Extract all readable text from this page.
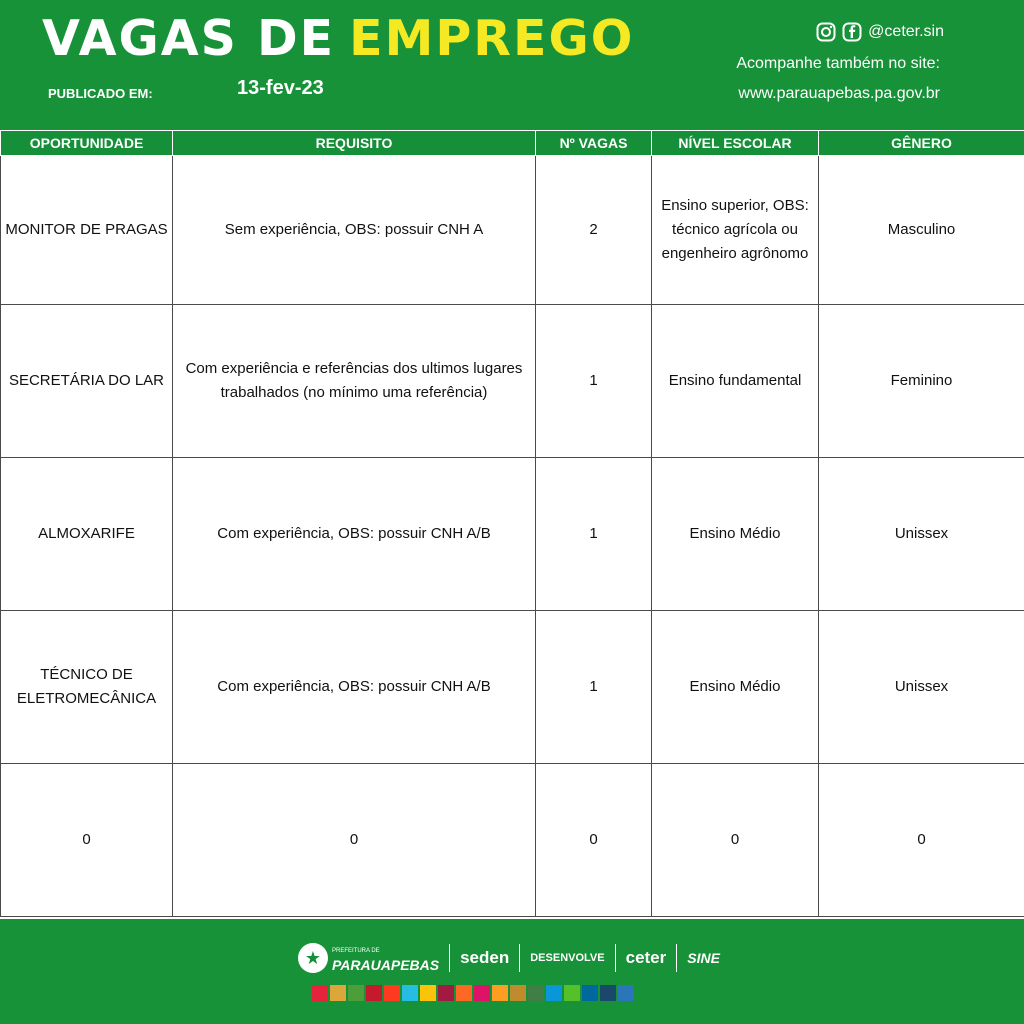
VAGAS DE EMPREGO
PUBLICADO EM:	13-fev-23
@ceter.sin
Acompanhe também no site:
www.parauapebas.pa.gov.br
OPORTUNIDADE	REQUISITO	Nº VAGAS	NÍVEL ESCOLAR	GÊNERO
MONITOR DE PRAGAS	Sem experiência, OBS: possuir CNH A	2	Ensino superior, OBS: técnico agrícola ou engenheiro agrônomo	Masculino
SECRETÁRIA DO LAR	Com experiência e referências dos ultimos lugares trabalhados (no mínimo uma referência)	1	Ensino fundamental	Feminino
ALMOXARIFE	Com experiência, OBS: possuir CNH A/B	1	Ensino Médio	Unissex
TÉCNICO DE ELETROMECÂNICA	Com experiência, OBS: possuir CNH A/B	1	Ensino Médio	Unissex
0	0	0	0	0
★	PREFEITURA DE
PARAUAPEBAS seden DESENVOLVE ceter SINE
